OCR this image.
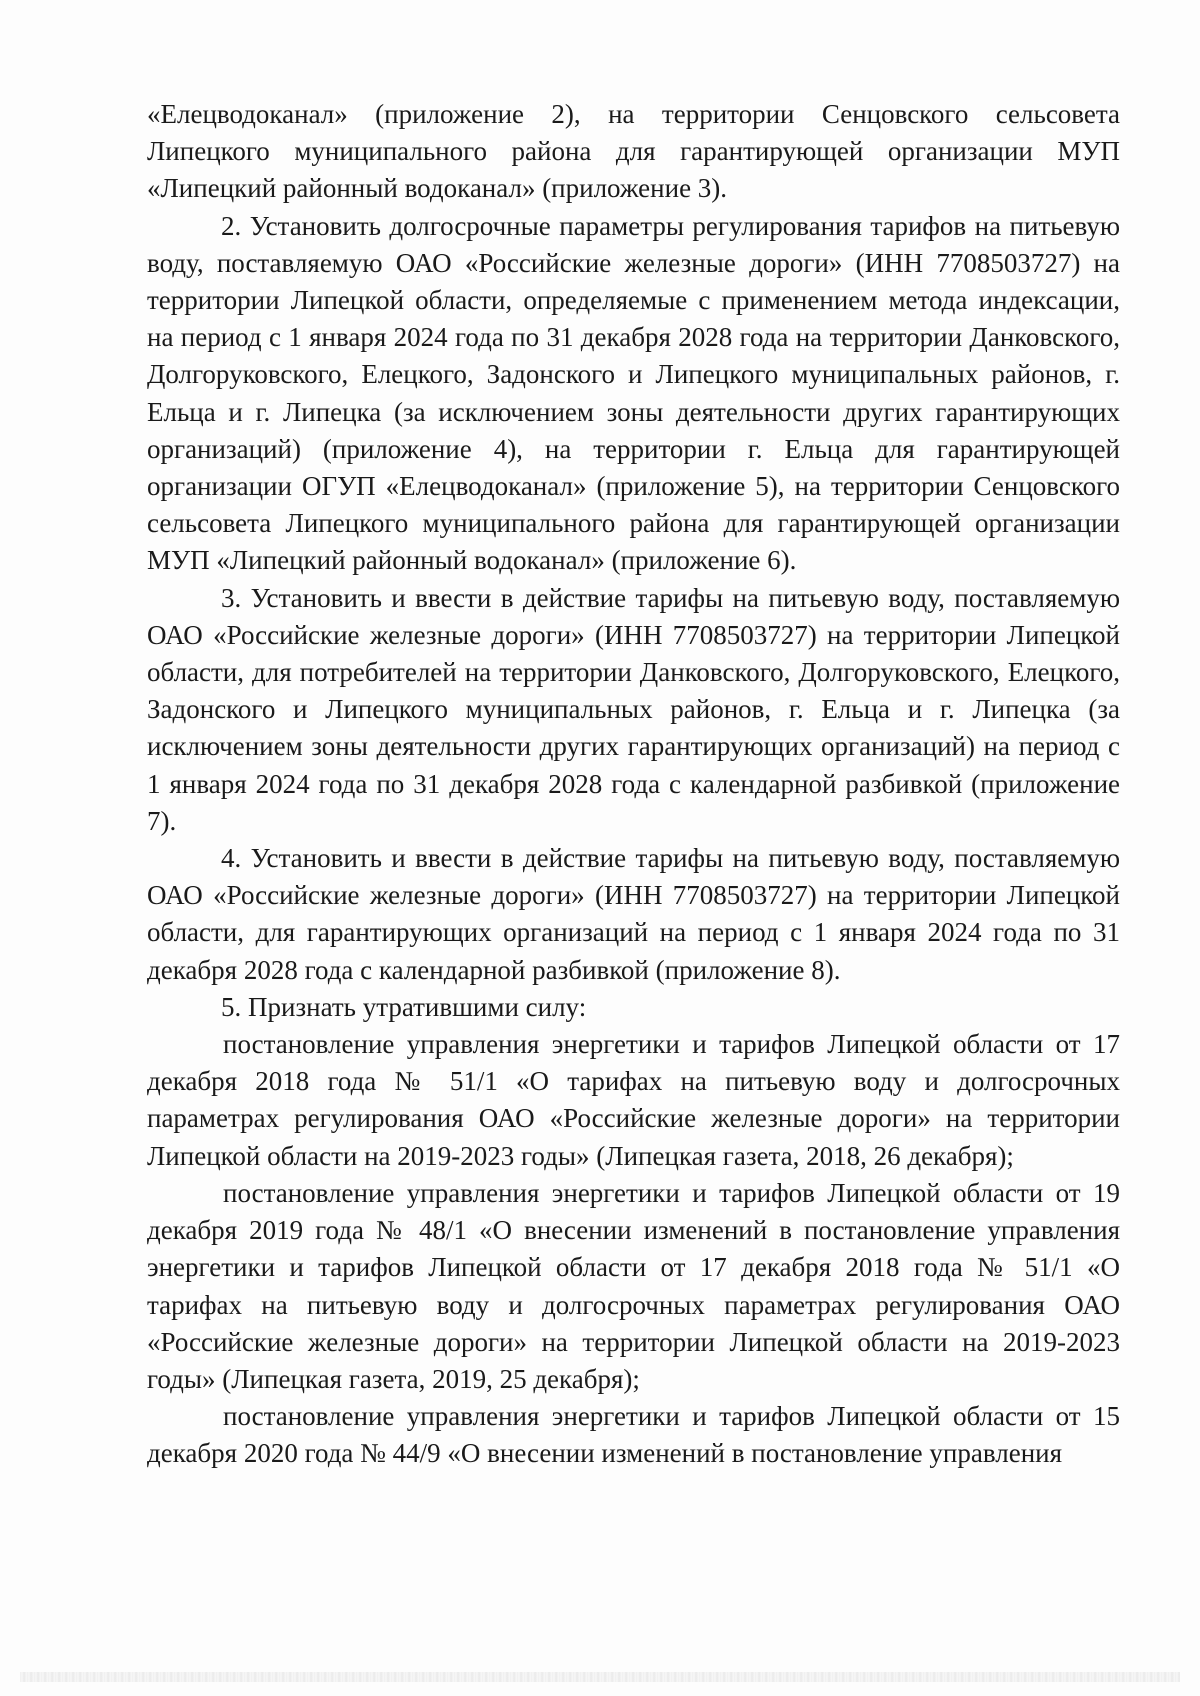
«Елецводоканал» (приложение 2), на территории Сенцовского сельсовета Липецкого муниципального района для гарантирующей организации МУП «Липецкий районный водоканал» (приложение 3).

2. Установить долгосрочные параметры регулирования тарифов на питьевую воду, поставляемую ОАО «Российские железные дороги» (ИНН 7708503727) на территории Липецкой области, определяемые с применением метода индексации, на период с 1 января 2024 года по 31 декабря 2028 года на территории Данковского, Долгоруковского, Елецкого, Задонского и Липецкого муниципальных районов, г. Ельца и г. Липецка (за исключением зоны деятельности других гарантирующих организаций) (приложение 4), на территории г. Ельца для гарантирующей организации ОГУП «Елецводоканал» (приложение 5), на территории Сенцовского сельсовета Липецкого муниципального района для гарантирующей организации МУП «Липецкий районный водоканал» (приложение 6).

3. Установить и ввести в действие тарифы на питьевую воду, поставляемую ОАО «Российские железные дороги» (ИНН 7708503727) на территории Липецкой области, для потребителей на территории Данковского, Долгоруковского, Елецкого, Задонского и Липецкого муниципальных районов, г. Ельца и г. Липецка (за исключением зоны деятельности других гарантирующих организаций) на период с 1 января 2024 года по 31 декабря 2028 года с календарной разбивкой (приложение 7).

4. Установить и ввести в действие тарифы на питьевую воду, поставляемую ОАО «Российские железные дороги» (ИНН 7708503727) на территории Липецкой области, для гарантирующих организаций на период с 1 января 2024 года по 31 декабря 2028 года с календарной разбивкой (приложение 8).

5. Признать утратившими силу:

постановление управления энергетики и тарифов Липецкой области от 17 декабря 2018 года № 51/1 «О тарифах на питьевую воду и долгосрочных параметрах регулирования ОАО «Российские железные дороги» на территории Липецкой области на 2019-2023 годы» (Липецкая газета, 2018, 26 декабря);

постановление управления энергетики и тарифов Липецкой области от 19 декабря 2019 года № 48/1 «О внесении изменений в постановление управления энергетики и тарифов Липецкой области от 17 декабря 2018 года № 51/1 «О тарифах на питьевую воду и долгосрочных параметрах регулирования ОАО «Российские железные дороги» на территории Липецкой области на 2019-2023 годы» (Липецкая газета, 2019, 25 декабря);

постановление управления энергетики и тарифов Липецкой области от 15 декабря 2020 года № 44/9 «О внесении изменений в постановление управления
